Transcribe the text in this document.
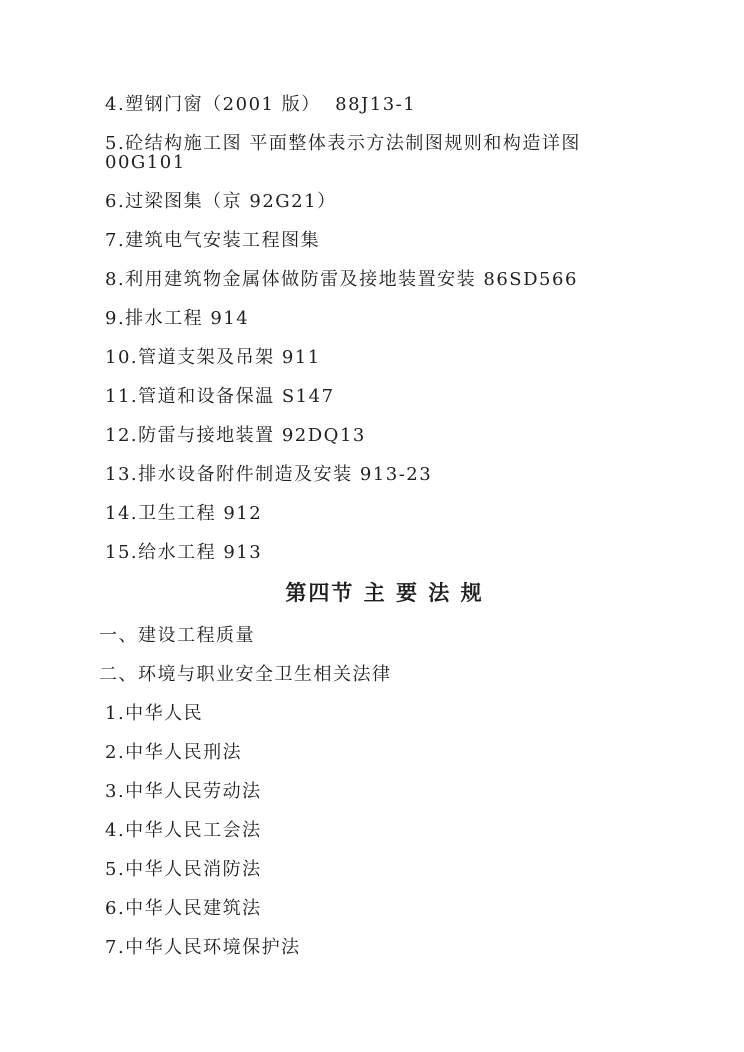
4.塑钢门窗（2001 版）  88J13-1

5.砼结构施工图 平面整体表示方法制图规则和构造详图 00G101

6.过梁图集（京 92G21）

7.建筑电气安装工程图集

8.利用建筑物金属体做防雷及接地装置安装 86SD566

9.排水工程 914

10.管道支架及吊架 911

11.管道和设备保温 S147

12.防雷与接地装置 92DQ13

13.排水设备附件制造及安装 913-23

14.卫生工程 912

15.给水工程 913

第四节 主 要 法 规

一、建设工程质量

二、环境与职业安全卫生相关法律

1.中华人民

2.中华人民刑法

3.中华人民劳动法

4.中华人民工会法

5.中华人民消防法

6.中华人民建筑法

7.中华人民环境保护法
